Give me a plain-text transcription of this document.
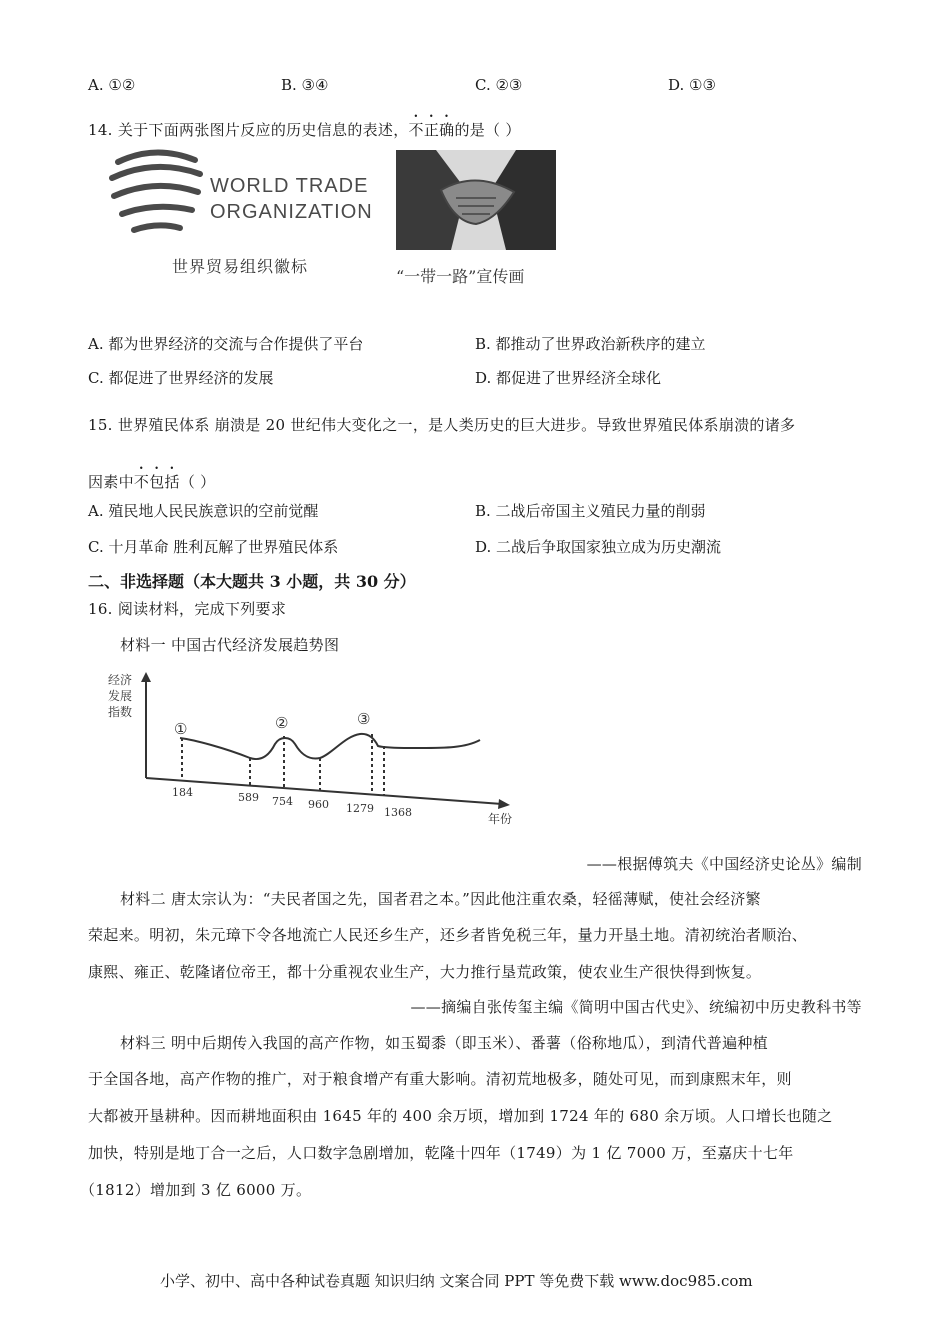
A. ①②	B. ③④	C. ②③	D. ①③
14. 关于下面两张图片反应的历史信息的表述，不正确的是（ ）
WORLD TRADE
ORGANIZATION
世界贸易组织徽标
“一带一路”宣传画
A. 都为世界经济的交流与合作提供了平台	B. 都推动了世界政治新秩序的建立
C. 都促进了世界经济的发展	D. 都促进了世界经济全球化
15. 世界殖民体系 崩溃是 20 世纪伟大变化之一，是人类历史的巨大进步。导致世界殖民体系崩溃的诸多
因素中不包括（ ）
A. 殖民地人民民族意识的空前觉醒	B. 二战后帝国主义殖民力量的削弱
C. 十月革命 胜利瓦解了世界殖民体系	D. 二战后争取国家独立成为历史潮流
二、非选择题（本大题共 3 小题，共 30 分）
16. 阅读材料，完成下列要求
材料一 中国古代经济发展趋势图
经济
发展
指数
①	②	③
184	589 754 960 1279 1368	年份
——根据傅筑夫《中国经济史论丛》编制
材料二 唐太宗认为：“夫民者国之先，国者君之本。”因此他注重农桑，轻徭薄赋，使社会经济繁
荣起来。明初，朱元璋下令各地流亡人民还乡生产，还乡者皆免税三年，量力开垦土地。清初统治者顺治、
康熙、雍正、乾隆诸位帝王，都十分重视农业生产，大力推行垦荒政策，使农业生产很快得到恢复。
——摘编自张传玺主编《简明中国古代史》、统编初中历史教科书等
材料三 明中后期传入我国的高产作物，如玉蜀黍（即玉米）、番薯（俗称地瓜），到清代普遍种植
于全国各地，高产作物的推广，对于粮食增产有重大影响。清初荒地极多，随处可见，而到康熙末年，则
大都被开垦耕种。因而耕地面积由 1645 年的 400 余万顷，增加到 1724 年的 680 余万顷。人口增长也随之
加快，特别是地丁合一之后，人口数字急剧增加，乾隆十四年（1749）为 1 亿 7000 万，至嘉庆十七年
（1812）增加到 3 亿 6000 万。
小学、初中、高中各种试卷真题 知识归纳 文案合同 PPT 等免费下载 www.doc985.com
